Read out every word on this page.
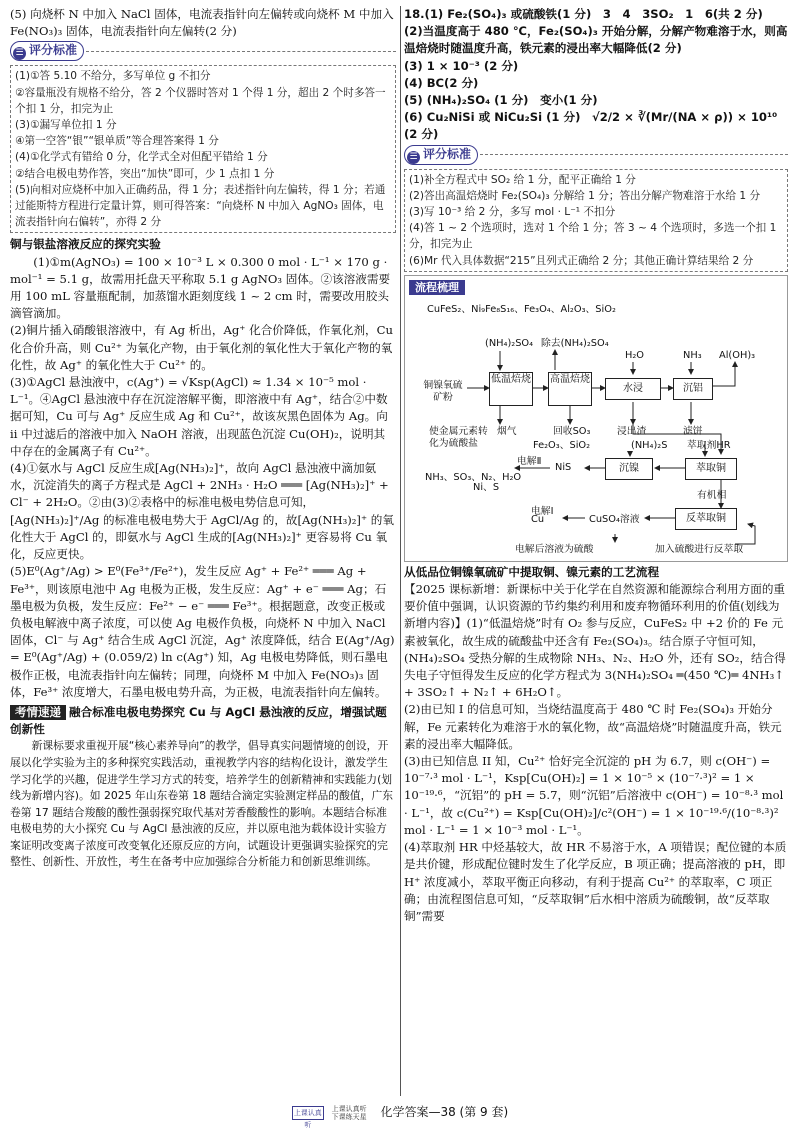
(5) 向烧杯 N 中加入 NaCl 固体，电流表指针向左偏转或向烧杯 M 中加入 Fe(NO₃)₃ 固体，电流表指针向左偏转(2 分)

☰ 评分标准
(1)①答 5.10 不给分，多写单位 g 不扣分
②容量瓶没有规格不给分，答 2 个仪器时答对 1 个得 1 分，超出 2 个时多答一个扣 1 分，扣完为止
(3)①漏写单位扣 1 分
④第一空答“银”“银单质”等合理答案得 1 分
(4)①化学式有错给 0 分，化学式全对但配平错给 1 分
②结合电极电势作答，突出“加快”即可，少 1 点扣 1 分
(5)向相对应烧杯中加入正确药品，得 1 分；表述指针向左偏转，得 1 分；若通过能斯特方程进行定量计算，则可得答案：“向烧杯 N 中加入 AgNO₃ 固体，电流表指针向右偏转”，亦得 2 分

铜与银盐溶液反应的探究实验

(1)①m(AgNO₃) = 100 × 10⁻³ L × 0.300 0 mol · L⁻¹ × 170 g · mol⁻¹ = 5.1 g，故需用托盘天平称取 5.1 g AgNO₃ 固体。②该溶液需要用 100 mL 容量瓶配制，加蒸馏水距刻度线 1 ~ 2 cm 时，需要改用胶头滴管滴加。

(2)铜片插入硝酸银溶液中，有 Ag 析出，Ag⁺ 化合价降低，作氧化剂，Cu 化合价升高，则 Cu²⁺ 为氧化产物，由于氧化剂的氧化性大于氧化产物的氧化性，故 Ag⁺ 的氧化性大于 Cu²⁺ 的。

(3)①AgCl 悬浊液中，c(Ag⁺) = √Ksp(AgCl) ≈ 1.34 × 10⁻⁵ mol · L⁻¹。④AgCl 悬浊液中存在沉淀溶解平衡，即溶液中有 Ag⁺，结合②中数据可知，Cu 可与 Ag⁺ 反应生成 Ag 和 Cu²⁺，故该灰黑色固体为 Ag。向 ii 中过滤后的溶液中加入 NaOH 溶液，出现蓝色沉淀 Cu(OH)₂，说明其中存在的金属离子有 Cu²⁺。

(4)①氨水与 AgCl 反应生成[Ag(NH₃)₂]⁺，故向 AgCl 悬浊液中滴加氨水，沉淀消失的离子方程式是 AgCl + 2NH₃ · H₂O ═══ [Ag(NH₃)₂]⁺ + Cl⁻ + 2H₂O。②由(3)②表格中的标准电极电势信息可知，[Ag(NH₃)₂]⁺/Ag 的标准电极电势大于 AgCl/Ag 的，故[Ag(NH₃)₂]⁺ 的氧化性大于 AgCl 的，即氨水与 AgCl 生成的[Ag(NH₃)₂]⁺ 更容易将 Cu 氧化，反应更快。

(5)E⁰(Ag⁺/Ag) > E⁰(Fe³⁺/Fe²⁺)，发生反应 Ag⁺ + Fe²⁺ ═══ Ag + Fe³⁺，则该原电池中 Ag 电极为正极，发生反应：Ag⁺ + e⁻ ═══ Ag；石墨电极为负极，发生反应：Fe²⁺ − e⁻ ═══ Fe³⁺。根据题意，改变正极或负极电解液中离子浓度，可以使 Ag 电极作负极，向烧杯 N 中加入 NaCl 固体，Cl⁻ 与 Ag⁺ 结合生成 AgCl 沉淀，Ag⁺ 浓度降低，结合 E(Ag⁺/Ag) = E⁰(Ag⁺/Ag) + (0.059/2) ln c(Ag⁺) 知，Ag 电极电势降低，则石墨电极作正极，电流表指针向左偏转；同理，向烧杯 M 中加入 Fe(NO₃)₃ 固体，Fe³⁺ 浓度增大，石墨电极电势升高，为正极，电流表指针向左偏转。

考情速递 融合标准电极电势探究 Cu 与 AgCl 悬浊液的反应，增强试题创新性

新课标要求重视开展“核心素养导向”的教学，倡导真实问题情境的创设，开展以化学实验为主的多种探究实践活动，重视教学内容的结构化设计，激发学生学习化学的兴趣，促进学生学习方式的转变，培养学生的创新精神和实践能力(划线为新增内容)。如 2025 年山东卷第 18 题结合滴定实验测定样品的酸值，广东卷第 17 题结合羧酸的酸性强弱探究取代基对芳香酸酸性的影响。本题结合标准电极电势的大小探究 Cu 与 AgCl 悬浊液的反应，并以原电池为载体设计实验方案证明改变离子浓度可改变氧化还原反应的方向，试题设计更强调实验探究的完整性、创新性、开放性，考生在备考中应加强综合分析能力和创新思维训练。

18.(1) Fe₂(SO₄)₃ 或硫酸铁(1 分)　3　4　3SO₂　1　6(共 2 分)

(2)当温度高于 480 ℃，Fe₂(SO₄)₃ 开始分解，分解产物难溶于水，则高温焙烧时随温度升高，铁元素的浸出率大幅降低(2 分)

(3) 1 × 10⁻³ (2 分)

(4) BC(2 分)

(5) (NH₄)₂SO₄ (1 分)　变小(1 分)

(6) Cu₂NiSi 或 NiCu₂Si (1 分)　 √2/2 × ∛(Mr/(NA × ρ)) × 10¹⁰ (2 分)

☰ 评分标准
(1)补全方程式中 SO₂ 给 1 分，配平正确给 1 分
(2)答出高温焙烧时 Fe₂(SO₄)₃ 分解给 1 分；答出分解产物难溶于水给 1 分
(3)写 10⁻³ 给 2 分，多写 mol · L⁻¹ 不扣分
(4)答 1 ~ 2 个选项时，选对 1 个给 1 分；答 3 ~ 4 个选项时，多选一个扣 1 分，扣完为止
(6)Mr 代入具体数据“215”且列式正确给 2 分；其他正确计算结果给 2 分
流程梳理
CuFeS₂、Ni₉Fe₈S₁₆、Fe₃O₄、Al₂O₃、SiO₂
(NH₄)₂SO₄ 除去(NH₄)₂SO₄
H₂O	NH₃ Al(OH)₃
铜镍氧硫矿粉
低温焙烧 高温焙烧
水浸	沉铝
使金属元素转化为硫酸盐
烟气	回收SO₃	浸出渣	滤饼
Fe₂O₃、SiO₂	(NH₄)₂S 萃取剂HR
NH₃、SO₃、N₂、H₂O
Ni、S
电解Ⅱ
NiS	沉镍	萃取铜
有机相
电解Ⅰ
Cu	CuSO₄溶液	反萃取铜
电解后溶液为硫酸	加入硫酸进行反萃取

从低品位铜镍氧硫矿中提取铜、镍元素的工艺流程

【2025 课标新增：新课标中关于化学在自然资源和能源综合利用方面的重要价值中强调，认识资源的节约集约利用和废弃物循环利用的价值(划线为新增内容)】(1)“低温焙烧”时有 O₂ 参与反应，CuFeS₂ 中 +2 价的 Fe 元素被氧化，故生成的硫酸盐中还含有 Fe₂(SO₄)₃。结合原子守恒可知，(NH₄)₂SO₄ 受热分解的生成物除 NH₃、N₂、H₂O 外，还有 SO₂，结合得失电子守恒得发生反应的化学方程式为 3(NH₄)₂SO₄ ═(450 ℃)═ 4NH₃↑ + 3SO₂↑ + N₂↑ + 6H₂O↑。

(2)由已知 I 的信息可知，当烧结温度高于 480 ℃ 时 Fe₂(SO₄)₃ 开始分解，Fe 元素转化为难溶于水的氧化物，故“高温焙烧”时随温度升高，铁元素的浸出率大幅降低。

(3)由已知信息 II 知，Cu²⁺ 恰好完全沉淀的 pH 为 6.7，则 c(OH⁻) = 10⁻⁷·³ mol · L⁻¹，Ksp[Cu(OH)₂] = 1 × 10⁻⁵ × (10⁻⁷·³)² = 1 × 10⁻¹⁹·⁶，“沉铝”的 pH = 5.7，则“沉铝”后溶液中 c(OH⁻) = 10⁻⁸·³ mol · L⁻¹，故 c(Cu²⁺) = Ksp[Cu(OH)₂]/c²(OH⁻) = 1 × 10⁻¹⁹·⁶/(10⁻⁸·³)² mol · L⁻¹ = 1 × 10⁻³ mol · L⁻¹。

(4)萃取剂 HR 中烃基较大，故 HR 不易溶于水，A 项错误；配位键的本质是共价键，形成配位键时发生了化学反应，B 项正确；提高溶液的 pH，即 H⁺ 浓度减小，萃取平衡正向移动，有利于提高 Cu²⁺ 的萃取率，C 项正确；由流程图信息可知，“反萃取铜”后水相中溶质为硫酸铜，故“反萃取铜”需要

上课认真听 上课认真听
下课练天星 化学答案—38 (第 9 套)
